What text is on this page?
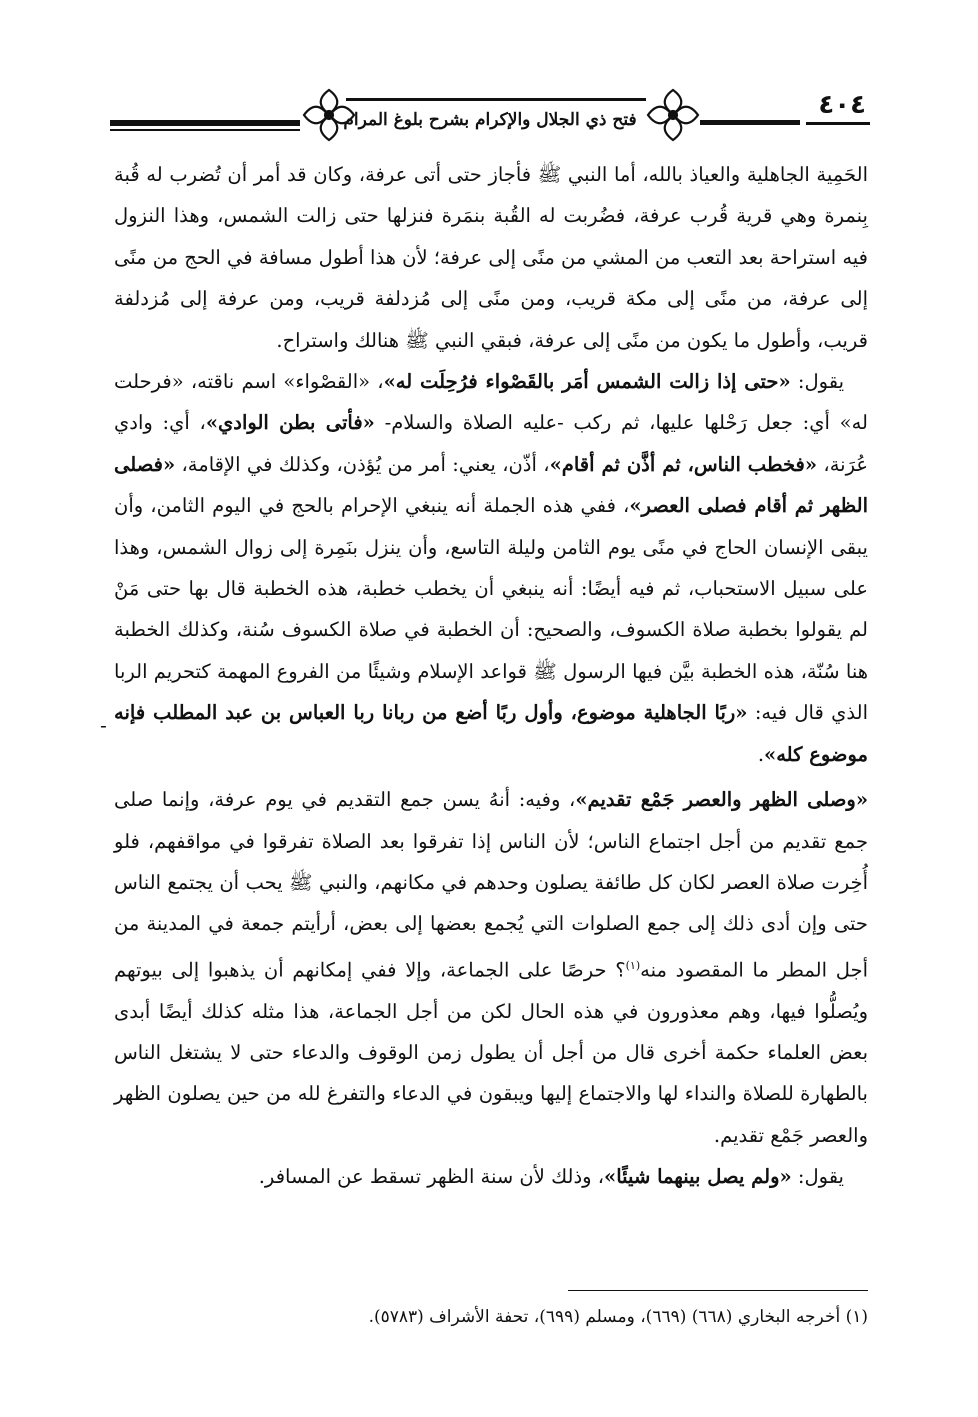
فتح ذي الجلال والإكرام بشرح بلوغ المرام	٤٠٤

الحَمِية الجاهلية والعياذ بالله، أما النبي ﷺ فأجاز حتى أتى عرفة، وكان قد أمر أن تُضرب له قُبة بِنمرة وهي قرية قُرب عرفة، فضُربت له القُبة بنمَرة فنزلها حتى زالت الشمس، وهذا النزول فيه استراحة بعد التعب من المشي من منًى إلى عرفة؛ لأن هذا أطول مسافة في الحج من منًى إلى عرفة، من منًى إلى مكة قريب، ومن منًى إلى مُزدلفة قريب، ومن عرفة إلى مُزدلفة قريب، وأطول ما يكون من منًى إلى عرفة، فبقي النبي ﷺ هنالك واستراح.

يقول: «حتى إذا زالت الشمس أمَر بالقَصْواء فرُحِلَت له»، «القصْواء» اسم ناقته، «فرحلت له» أي: جعل رَحْلها عليها، ثم ركب -عليه الصلاة والسلام- «فأتى بطن الوادي»، أي: وادي عُرَنة، «فخطب الناس، ثم أذَّن ثم أقام»، أذّن، يعني: أمر من يُؤذن، وكذلك في الإقامة، «فصلى الظهر ثم أقام فصلى العصر»، ففي هذه الجملة أنه ينبغي الإحرام بالحج في اليوم الثامن، وأن يبقى الإنسان الحاج في منًى يوم الثامن وليلة التاسع، وأن ينزل بنَمِرة إلى زوال الشمس، وهذا على سبيل الاستحباب، ثم فيه أيضًا: أنه ينبغي أن يخطب خطبة، هذه الخطبة قال بها حتى مَنْ لم يقولوا بخطبة صلاة الكسوف، والصحيح: أن الخطبة في صلاة الكسوف سُنة، وكذلك الخطبة هنا سُنّة، هذه الخطبة بيَّن فيها الرسول ﷺ قواعد الإسلام وشيئًا من الفروع المهمة كتحريم الربا الذي قال فيه: «ربًا الجاهلية موضوع، وأول ربًا أضع من ربانا ربا العباس بن عبد المطلب فإنه موضوع كله».

«وصلى الظهر والعصر جَمْع تقديم»، وفيه: أنهُ يسن جمع التقديم في يوم عرفة، وإنما صلى جمع تقديم من أجل اجتماع الناس؛ لأن الناس إذا تفرقوا بعد الصلاة تفرقوا في مواقفهم، فلو أُخِرت صلاة العصر لكان كل طائفة يصلون وحدهم في مكانهم، والنبي ﷺ يحب أن يجتمع الناس حتى وإن أدى ذلك إلى جمع الصلوات التي يُجمع بعضها إلى بعض، أرأيتم جمعة في المدينة من أجل المطر ما المقصود منه$^{(١)}$؟ حرصًا على الجماعة، وإلا ففي إمكانهم أن يذهبوا إلى بيوتهم ويُصلُّوا فيها، وهم معذورون في هذه الحال لكن من أجل الجماعة، هذا مثله كذلك أيضًا أبدى بعض العلماء حكمة أخرى قال من أجل أن يطول زمن الوقوف والدعاء حتى لا يشتغل الناس بالطهارة للصلاة والنداء لها والاجتماع إليها ويبقون في الدعاء والتفرغ لله من حين يصلون الظهر والعصر جَمْع تقديم.

يقول: «ولم يصل بينهما شيئًا»، وذلك لأن سنة الظهر تسقط عن المسافر.

-
(١) أخرجه البخاري (٦٦٨) (٦٦٩)، ومسلم (٦٩٩)، تحفة الأشراف (٥٧٨٣).
